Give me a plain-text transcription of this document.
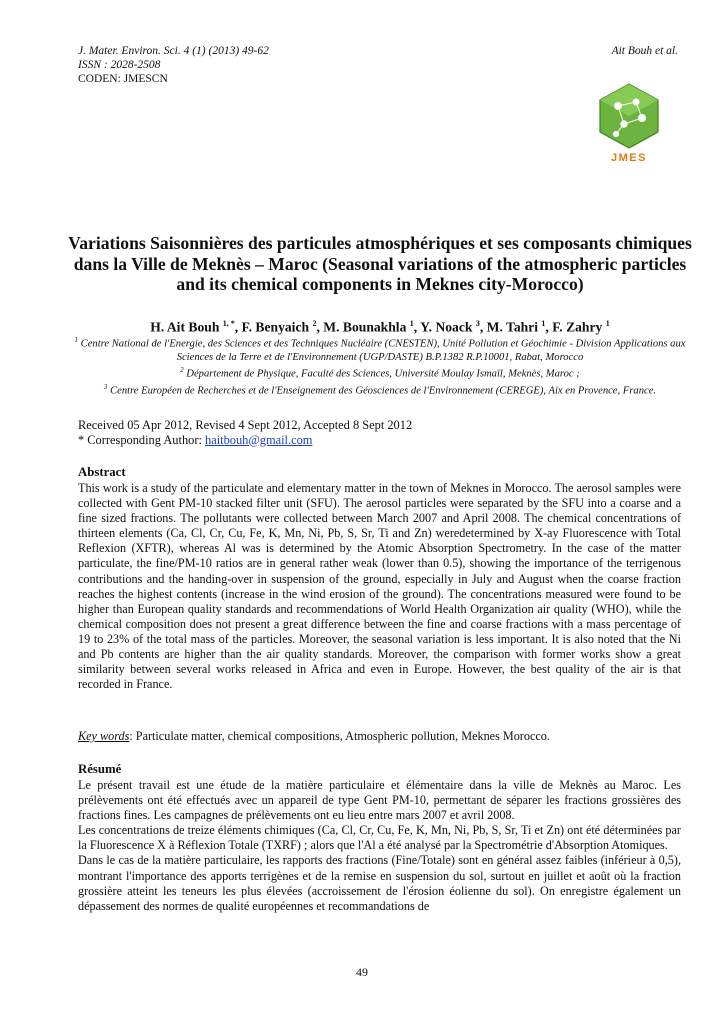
J. Mater. Environ. Sci. 4 (1) (2013) 49-62
ISSN : 2028-2508
CODEN: JMESCN
Ait Bouh et al.
JMES
Variations Saisonnières des particules atmosphériques et ses composants chimiques dans la Ville de Meknès – Maroc (Seasonal variations of the atmospheric particles and its chemical components in Meknes city-Morocco)
H. Ait Bouh $^{1, *}$, F. Benyaich $^2$, M. Bounakhla $^1$, Y. Noack $^3$, M. Tahri $^1$, F. Zahry $^1$
$^1$ Centre National de l'Energie, des Sciences et des Techniques Nucléaire (CNESTEN), Unité Pollution et Géochimie - Division Applications aux Sciences de la Terre et de l'Environnement (UGP/DASTE) B.P.1382 R.P.10001, Rabat, Morocco
$^2$ Département de Physique, Faculté des Sciences, Université Moulay Ismaïl, Meknès, Maroc ;
$^3$ Centre Européen de Recherches et de l'Enseignement des Géosciences de l'Environnement (CEREGE), Aix en Provence, France.
Received 05 Apr 2012, Revised 4 Sept 2012, Accepted 8 Sept 2012
* Corresponding Author: haitbouh@gmail.com
Abstract

This work is a study of the particulate and elementary matter in the town of Meknes in Morocco. The aerosol samples were collected with Gent PM-10 stacked filter unit (SFU). The aerosol particles were separated by the SFU into a coarse and a fine sized fractions. The pollutants were collected between March 2007 and April 2008. The chemical concentrations of thirteen elements (Ca, Cl, Cr, Cu, Fe, K, Mn, Ni, Pb, S, Sr, Ti and Zn) weredetermined by X-ay Fluorescence with Total Reflexion (XFTR), whereas Al was is determined by the Atomic Absorption Spectrometry. In the case of the matter particulate, the fine/PM-10 ratios are in general rather weak (lower than 0.5), showing the importance of the terrigenous contributions and the handing-over in suspension of the ground, especially in July and August when the coarse fraction reaches the highest contents (increase in the wind erosion of the ground). The concentrations measured were found to be higher than European quality standards and recommendations of World Health Organization air quality (WHO), while the chemical composition does not present a great difference between the fine and coarse fractions with a mass percentage of 19 to 23% of the total mass of the particles. Moreover, the seasonal variation is less important. It is also noted that the Ni and Pb contents are higher than the air quality standards. Moreover, the comparison with former works show a great similarity between several works released in Africa and even in Europe. However, the best quality of the air is that recorded in France.

Key words: Particulate matter, chemical compositions, Atmospheric pollution, Meknes Morocco.
Résumé

Le présent travail est une étude de la matière particulaire et élémentaire dans la ville de Meknès au Maroc. Les prélèvements ont été effectués avec un appareil de type Gent PM-10, permettant de séparer les fractions grossières des fractions fines. Les campagnes de prélèvements ont eu lieu entre mars 2007 et avril 2008.

Les concentrations de treize éléments chimiques (Ca, Cl, Cr, Cu, Fe, K, Mn, Ni, Pb, S, Sr, Ti et Zn) ont été déterminées par la Fluorescence X à Réflexion Totale (TXRF) ; alors que l'Al a été analysé par la Spectrométrie d'Absorption Atomiques.

Dans le cas de la matière particulaire, les rapports des fractions (Fine/Totale) sont en général assez faibles (inférieur à 0,5), montrant l'importance des apports terrigènes et de la remise en suspension du sol, surtout en juillet et août où la fraction grossière atteint les teneurs les plus élevées (accroissement de l'érosion éolienne du sol). On enregistre également un dépassement des normes de qualité européennes et recommandations de

49
